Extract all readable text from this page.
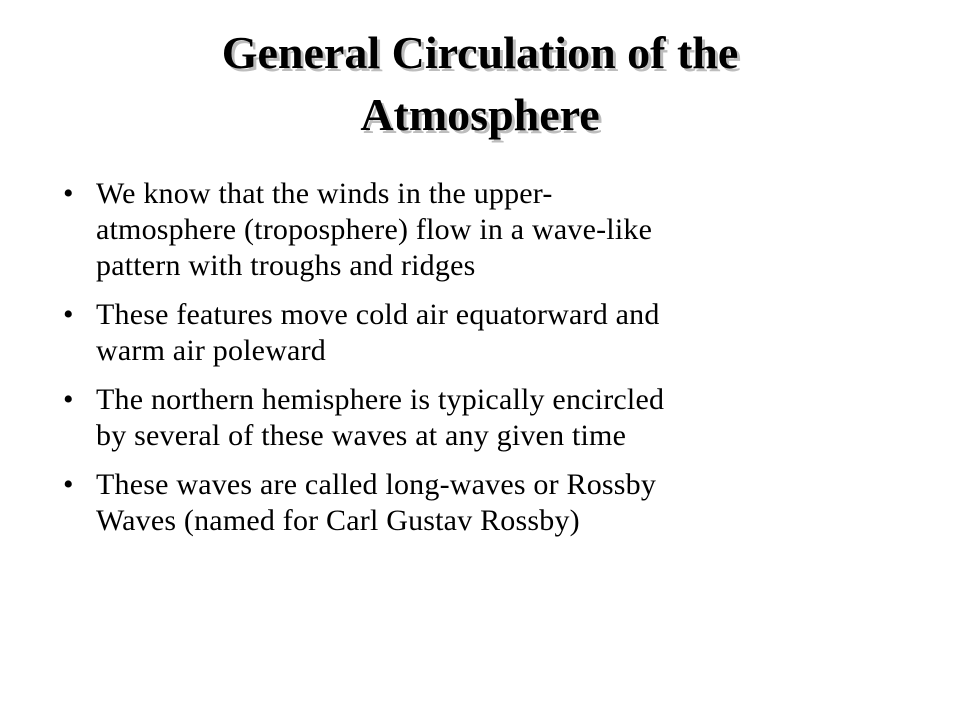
General Circulation of the
Atmosphere
• We know that the winds in the upper-
atmosphere (troposphere) flow in a wave-like
pattern with troughs and ridges
• These features move cold air equatorward and
warm air poleward
• The northern hemisphere is typically encircled
by several of these waves at any given time
• These waves are called long-waves or Rossby
Waves (named for Carl Gustav Rossby)
